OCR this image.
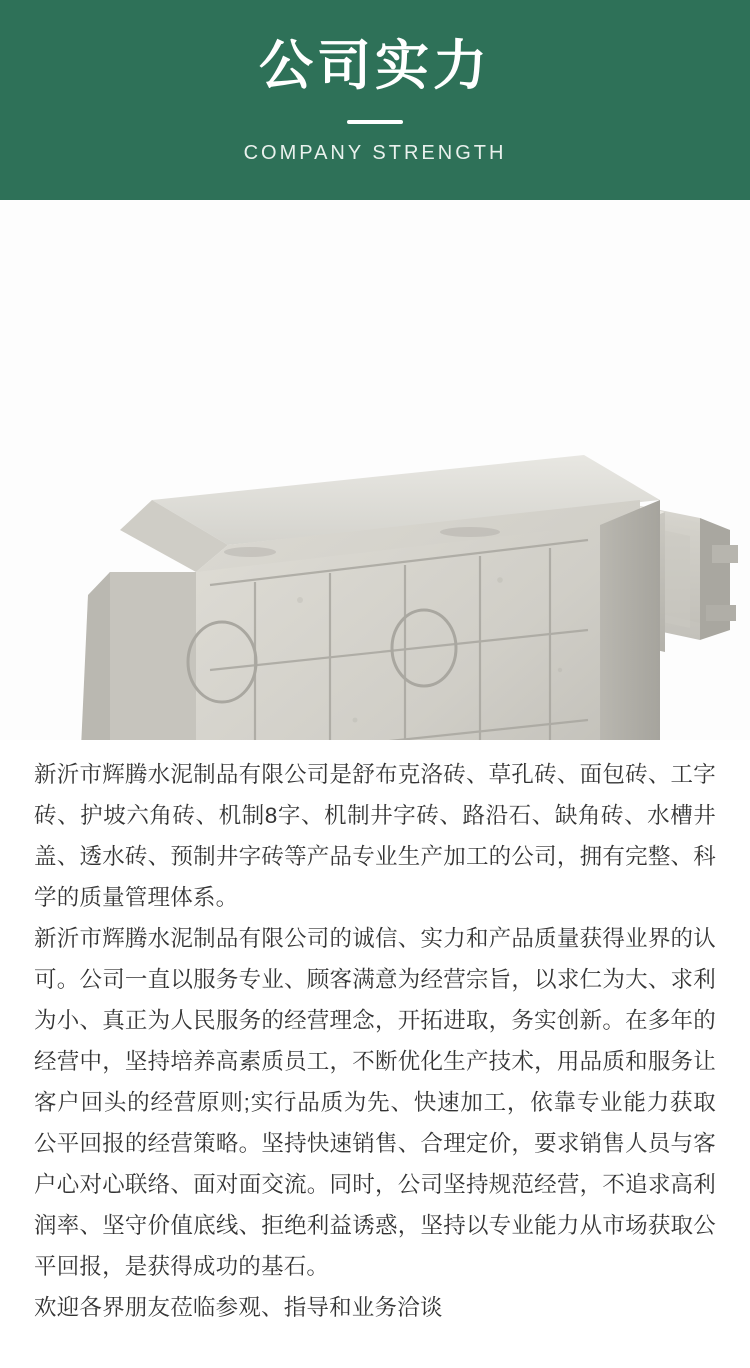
公司实力

COMPANY STRENGTH

新沂市辉腾水泥制品有限公司是舒布克洛砖、草孔砖、面包砖、工字砖、护坡六角砖、机制8字、机制井字砖、路沿石、缺角砖、水槽井盖、透水砖、预制井字砖等产品专业生产加工的公司，拥有完整、科学的质量管理体系。

新沂市辉腾水泥制品有限公司的诚信、实力和产品质量获得业界的认可。公司一直以服务专业、顾客满意为经营宗旨，以求仁为大、求利为小、真正为人民服务的经营理念，开拓进取，务实创新。在多年的经营中，坚持培养高素质员工，不断优化生产技术，用品质和服务让客户回头的经营原则;实行品质为先、快速加工，依靠专业能力获取公平回报的经营策略。坚持快速销售、合理定价，要求销售人员与客户心对心联络、面对面交流。同时，公司坚持规范经营，不追求高利润率、坚守价值底线、拒绝利益诱惑，坚持以专业能力从市场获取公平回报，是获得成功的基石。

欢迎各界朋友莅临参观、指导和业务洽谈
